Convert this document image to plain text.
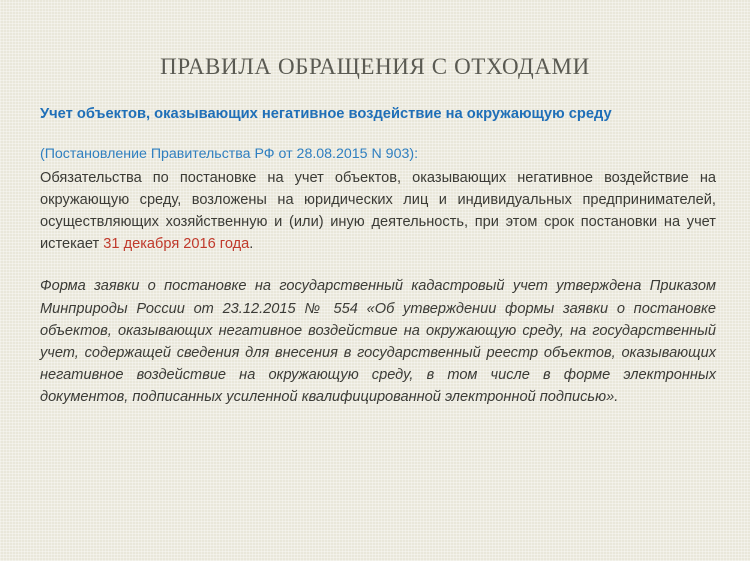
ПРАВИЛА ОБРАЩЕНИЯ С ОТХОДАМИ
Учет объектов, оказывающих негативное воздействие на окружающую среду
(Постановление Правительства РФ от 28.08.2015 N 903):

Обязательства по постановке на учет объектов, оказывающих негативное воздействие на окружающую среду, возложены на юридических лиц и индивидуальных предпринимателей, осуществляющих хозяйственную и (или) иную деятельность, при этом срок постановки на учет истекает 31 декабря 2016 года.

Форма заявки о постановке на государственный кадастровый учет утверждена Приказом Минприроды России от 23.12.2015 № 554 «Об утверждении формы заявки о постановке объектов, оказывающих негативное воздействие на окружающую среду, на государственный учет, содержащей сведения для внесения в государственный реестр объектов, оказывающих негативное воздействие на окружающую среду, в том числе в форме электронных документов, подписанных усиленной квалифицированной электронной подписью».
